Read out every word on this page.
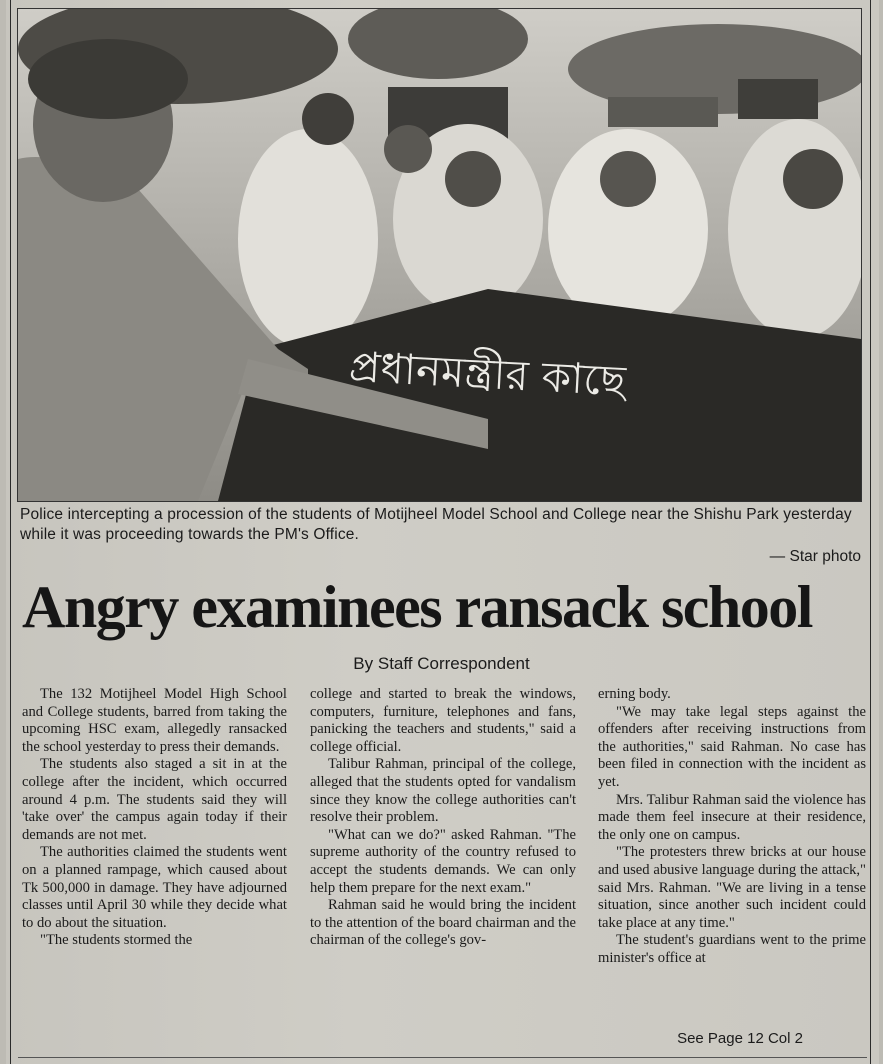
প্রধানমন্ত্রীর কাছে
Police intercepting a procession of the students of Motijheel Model School and College near the Shishu Park yesterday while it was proceeding towards the PM's Office.
— Star photo
Angry examinees ransack school
By Staff Correspondent

The 132 Motijheel Model High School and College students, barred from taking the upcoming HSC exam, allegedly ransacked the school yesterday to press their demands.

The students also staged a sit in at the college after the incident, which occurred around 4 p.m. The students said they will 'take over' the campus again today if their demands are not met.

The authorities claimed the students went on a planned rampage, which caused about Tk 500,000 in damage. They have adjourned classes until April 30 while they decide what to do about the situation.

"The students stormed the

college and started to break the windows, computers, furniture, telephones and fans, panicking the teachers and students," said a college official.

Talibur Rahman, principal of the college, alleged that the students opted for vandalism since they know the college authorities can't resolve their problem.

"What can we do?" asked Rahman. "The supreme authority of the country refused to accept the students demands. We can only help them prepare for the next exam."

Rahman said he would bring the incident to the attention of the board chairman and the chairman of the college's gov-

erning body.

"We may take legal steps against the offenders after receiving instructions from the authorities," said Rahman. No case has been filed in connection with the incident as yet.

Mrs. Talibur Rahman said the violence has made them feel insecure at their residence, the only one on campus.

"The protesters threw bricks at our house and used abusive language during the attack," said Mrs. Rahman. "We are living in a tense situation, since another such incident could take place at any time."

The student's guardians went to the prime minister's office at

See Page 12 Col 2
